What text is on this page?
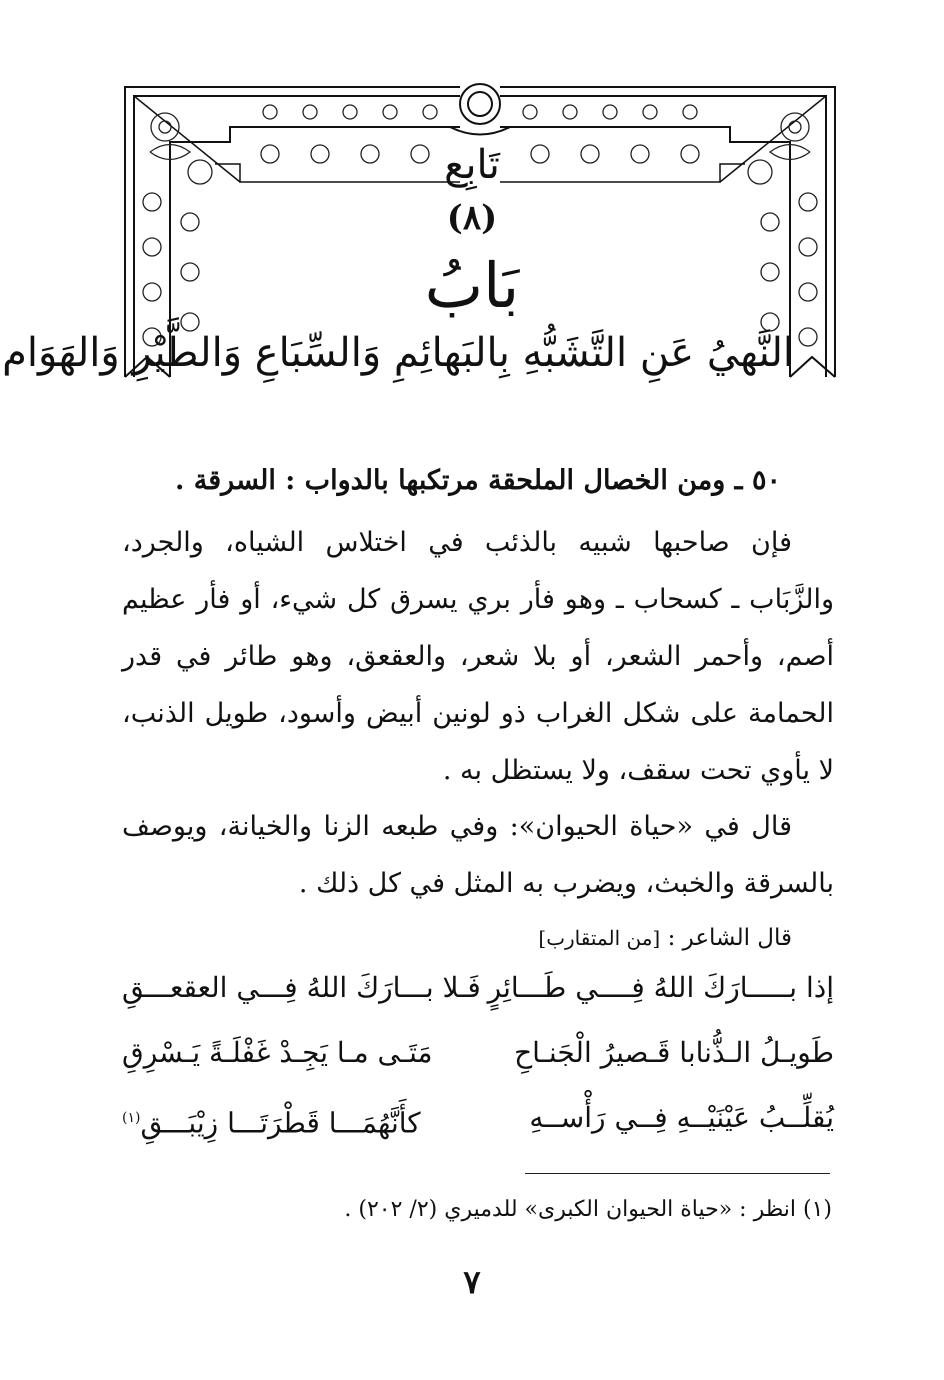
تَابِع
(٨)
بَابُ
النَّهيُ عَنِ التَّشَبُّهِ بِالبَهائِمِ وَالسِّبَاعِ وَالطَّيْرِ وَالهَوَام
٥٠ ـ ومن الخصال الملحقة مرتكبها بالدواب : السرقة .
فإن صاحبها شبيه بالذئب في اختلاس الشياه، والجرد، والزَّبَاب ـ كسحاب ـ وهو فأر بري يسرق كل شيء، أو فأر عظيم أصم، وأحمر الشعر، أو بلا شعر، والعقعق، وهو طائر في قدر الحمامة على شكل الغراب ذو لونين أبيض وأسود، طويل الذنب، لا يأوي تحت سقف، ولا يستظل به .
قال في «حياة الحيوان»: وفي طبعه الزنا والخيانة، ويوصف بالسرقة والخبث، ويضرب به المثل في كل ذلك .
قال الشاعر : [من المتقارب]
إذا بـــــارَكَ اللهُ فِــــي طَـــائِرٍ
فَـلا بـــارَكَ اللهُ فِـــي العقعـــقِ
طَويـلُ الـذُّنابا قَـصيرُ الْجَنـاحِ
مَتَـى مـا يَجِـدْ غَفْلَـةً يَـسْرِقِ
يُقلِّــبُ عَيْنَيْــهِ فِــي رَأْســهِ
كأَنَّهُمَـــا قَطْرَتَـــا زِيْبَـــقِ$^{(١)}$
(١) انظر : «حياة الحيوان الكبرى» للدميري (٢/ ٢٠٢) .
٧
